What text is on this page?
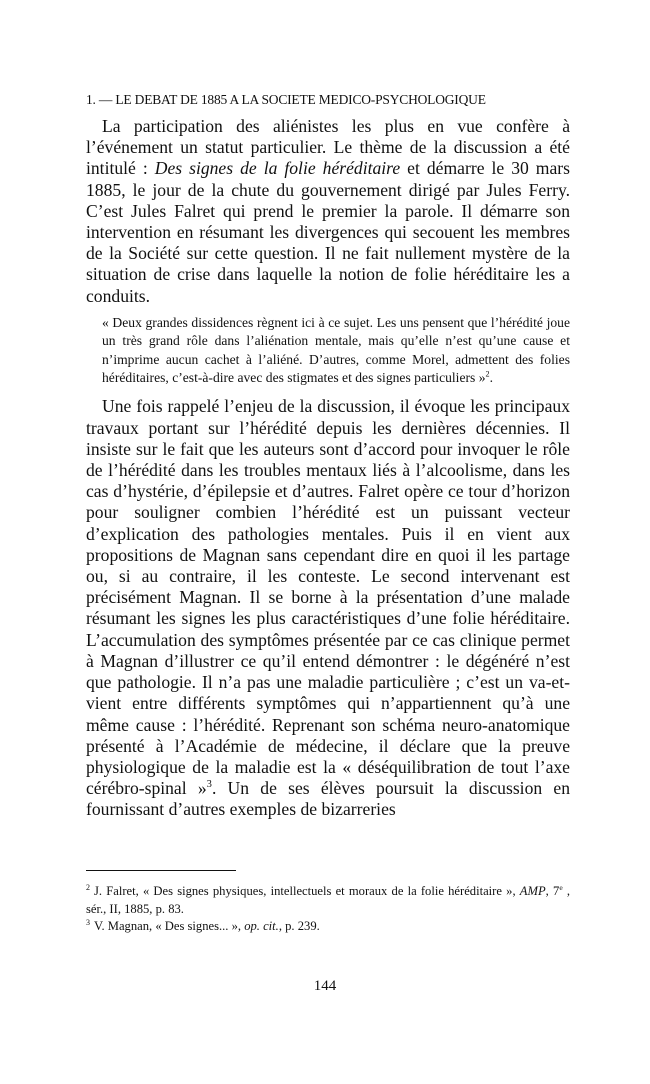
1. — LE DEBAT DE 1885 A LA SOCIETE MEDICO-PSYCHOLOGIQUE

La participation des aliénistes les plus en vue confère à l’événement un statut particulier. Le thème de la discussion a été intitulé : Des signes de la folie héréditaire et démarre le 30 mars 1885, le jour de la chute du gouvernement dirigé par Jules Ferry. C’est Jules Falret qui prend le premier la parole. Il démarre son intervention en résumant les divergences qui secouent les membres de la Société sur cette question. Il ne fait nullement mystère de la situation de crise dans laquelle la notion de folie héréditaire les a conduits.

« Deux grandes dissidences règnent ici à ce sujet. Les uns pensent que l’hérédité joue un très grand rôle dans l’aliénation mentale, mais qu’elle n’est qu’une cause et n’imprime aucun cachet à l’aliéné. D’autres, comme Morel, admettent des folies héréditaires, c’est-à-dire avec des stigmates et des signes particuliers »$^2$.

Une fois rappelé l’enjeu de la discussion, il évoque les principaux travaux portant sur l’hérédité depuis les dernières décennies. Il insiste sur le fait que les auteurs sont d’accord pour invoquer le rôle de l’hérédité dans les troubles mentaux liés à l’alcoolisme, dans les cas d’hystérie, d’épilepsie et d’autres. Falret opère ce tour d’horizon pour souligner combien l’hérédité est un puissant vecteur d’explication des pathologies mentales. Puis il en vient aux propositions de Magnan sans cependant dire en quoi il les partage ou, si au contraire, il les conteste. Le second intervenant est précisément Magnan. Il se borne à la présentation d’une malade résumant les signes les plus caractéristiques d’une folie héréditaire. L’accumulation des symptômes présentée par ce cas clinique permet à Magnan d’illustrer ce qu’il entend démontrer : le dégénéré n’est que pathologie. Il n’a pas une maladie particulière ; c’est un va-et-vient entre différents symptômes qui n’appartiennent qu’à une même cause : l’hérédité. Reprenant son schéma neuro-anatomique présenté à l’Académie de médecine, il déclare que la preuve physiologique de la maladie est la « déséquilibration de tout l’axe cérébro-spinal »$^3$. Un de ses élèves poursuit la discussion en fournissant d’autres exemples de bizarreries

$^2$ J. Falret, « Des signes physiques, intellectuels et moraux de la folie héréditaire », AMP, 7e , sér., II, 1885, p. 83.

$^3$ V. Magnan, « Des signes... », op. cit., p. 239.

144
